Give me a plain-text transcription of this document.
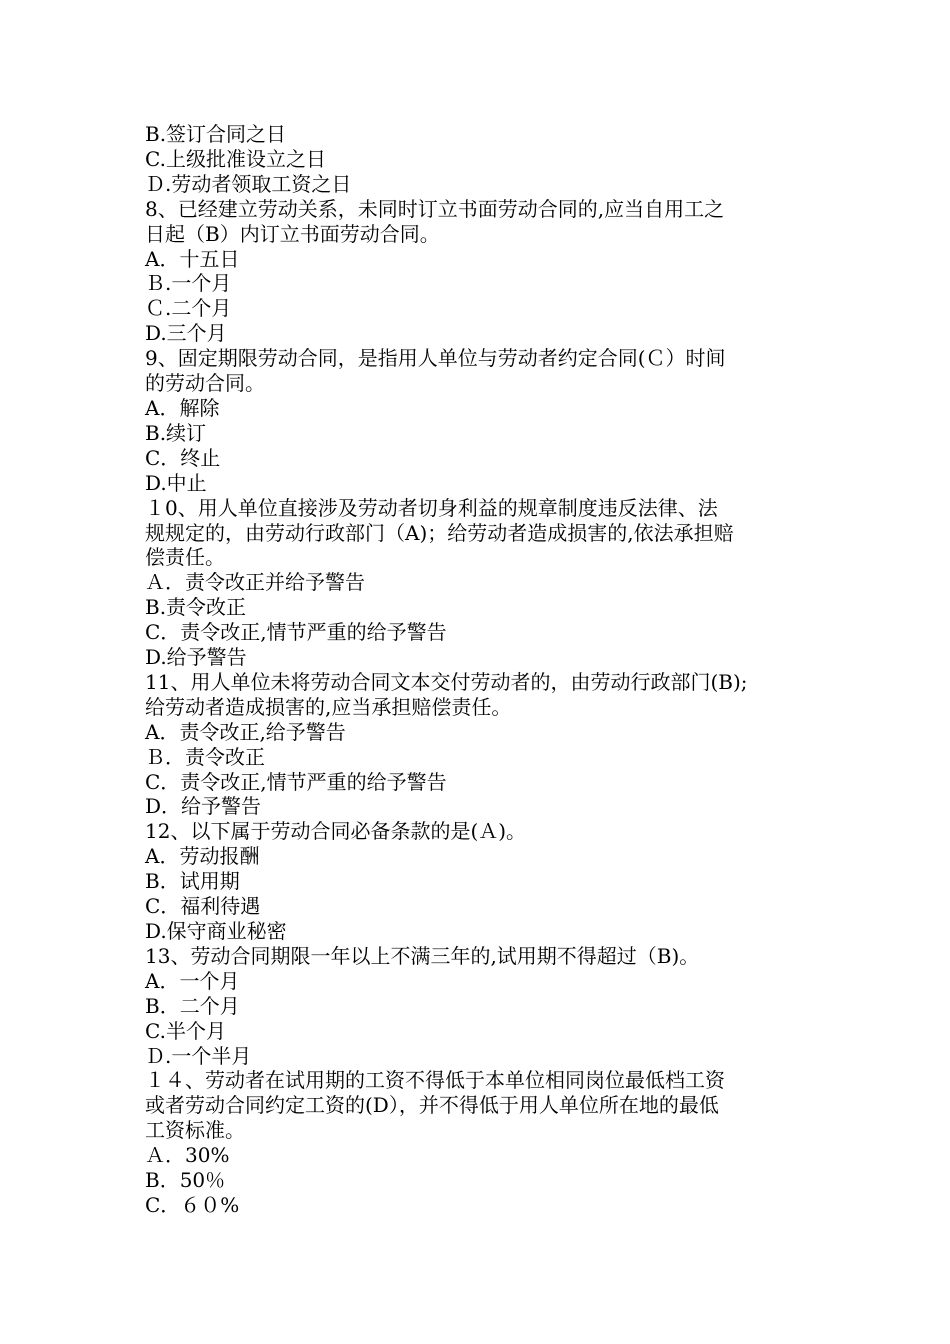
B.签订合同之日

C.上级批准设立之日

Ｄ.劳动者领取工资之日

8、已经建立劳动关系，未同时订立书面劳动合同的,应当自用工之

日起（B）内订立书面劳动合同。

A．十五日

Ｂ.一个月

Ｃ.二个月

D.三个月

9、固定期限劳动合同，是指用人单位与劳动者约定合同(Ｃ）时间

的劳动合同。

A．解除

B.续订

C．终止

D.中止

１0、用人单位直接涉及劳动者切身利益的规章制度违反法律、法

规规定的，由劳动行政部门（A)；给劳动者造成损害的,依法承担赔

偿责任。

Ａ．责令改正并给予警告

B.责令改正

C．责令改正,情节严重的给予警告

D.给予警告

11、用人单位未将劳动合同文本交付劳动者的，由劳动行政部门(B);

给劳动者造成损害的,应当承担赔偿责任。

A．责令改正,给予警告

Ｂ．责令改正

C．责令改正,情节严重的给予警告

D．给予警告

12、以下属于劳动合同必备条款的是(Ａ)。

A．劳动报酬

B．试用期

C．福利待遇

D.保守商业秘密

13、劳动合同期限一年以上不满三年的,试用期不得超过（B)。

A．一个月

B．二个月

C.半个月

Ｄ.一个半月

１４、劳动者在试用期的工资不得低于本单位相同岗位最低档工资

或者劳动合同约定工资的(D），并不得低于用人单位所在地的最低

工资标准。

Ａ．30%

B．50％

C．６０%
